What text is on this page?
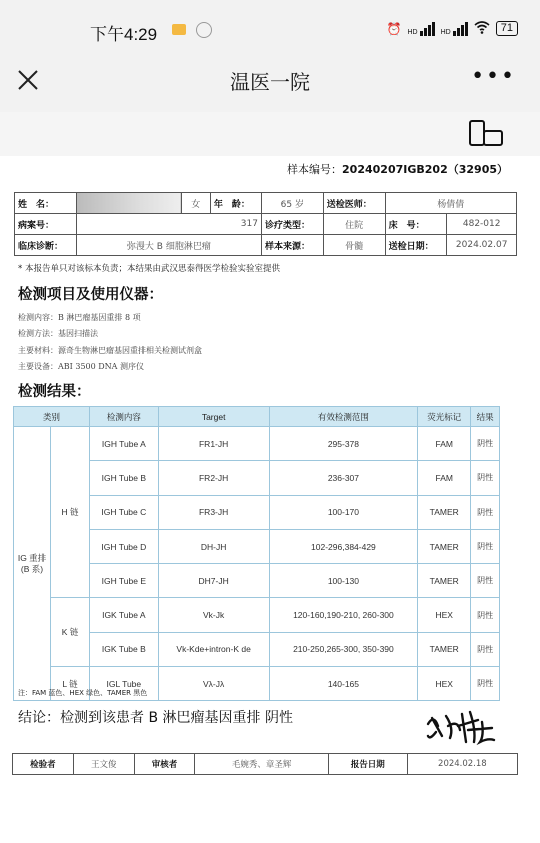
下午4:29	⏰ HD	HD	71
温医一院	•••
样本编号：20240207IGB202（32905）
姓　名：		女	年　龄：	65 岁	送检医师：	杨倩倩	
病案号：	317			诊疗类型：	住院	床　号：	482-012
临床诊断：	弥漫大 B 细胞淋巴瘤			样本来源：	骨髓	送检日期：	2024.02.07
* 本报告单只对该标本负责；本结果由武汉思泰得医学检验实验室提供
检测项目及使用仪器：
检测内容：B 淋巴瘤基因重排 8 项
检测方法：基因扫描法
主要材料：源奇生物淋巴瘤基因重排相关检测试剂盒
主要设备：ABI 3500 DNA 测序仪
检测结果：
类别		检测内容	Target	有效检测范围	荧光标记	结果
IG 重排(B 系)	H 链	IGH Tube A	FR1-JH	295-378	FAM	阴性
		IGH Tube B	FR2-JH	236-307	FAM	阴性
		IGH Tube C	FR3-JH	100-170	TAMER	阴性
		IGH Tube D	DH-JH	102-296,384-429	TAMER	阴性
		IGH Tube E	DH7-JH	100-130	TAMER	阴性
	K 链	IGK Tube A	Vk-Jk	120-160,190-210, 260-300	HEX	阴性
		IGK Tube B	Vk-Kde+intron-K de	210-250,265-300, 350-390	TAMER	阴性
	L 链	IGL Tube	Vλ-Jλ	140-165	HEX	阴性
注：FAM 蓝色、HEX 绿色、TAMER 黑色
结论：检测到该患者 B 淋巴瘤基因重排 阴性
检验者	王文俊	审核者	毛婉秀、章圣辉	报告日期	2024.02.18
